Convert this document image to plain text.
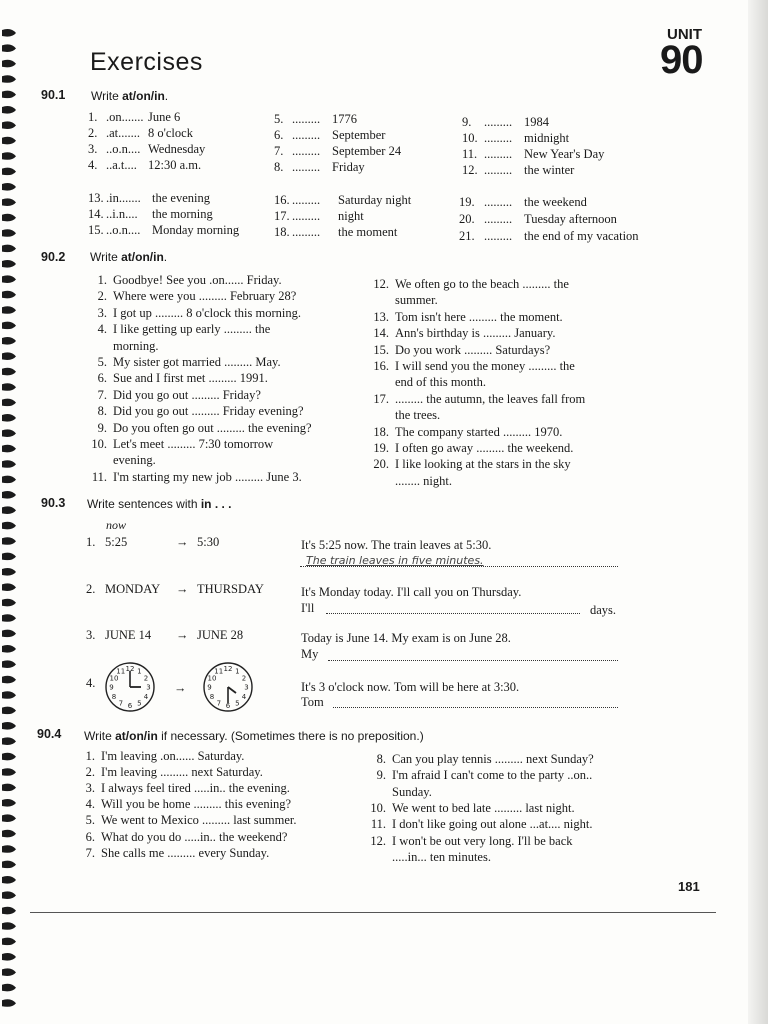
Exercises
UNIT
90
90.1 Write at/on/in.
1. .on....... June 6
2. .at....... 8 o'clock
3. ..o.n.... Wednesday
4. ..a.t.... 12:30 a.m.
5. ......... 1776
6. ......... September
7. ......... September 24
8. ......... Friday
9. ......... 1984
10. ......... midnight
11. ......... New Year's Day
12. ......... the winter
13. .in....... the evening
14. ..i.n.... the morning
15. ..o.n.... Monday morning
16. ......... Saturday night
17. ......... night
18. ......... the moment
19. ......... the weekend
20. ......... Tuesday afternoon
21. ......... the end of my vacation
90.2 Write at/on/in.
1. Goodbye! See you .on...... Friday.
2. Where were you ......... February 28?
3. I got up ......... 8 o'clock this morning.
4. I like getting up early ......... the
morning.
5. My sister got married ......... May.
6. Sue and I first met ......... 1991.
7. Did you go out ......... Friday?
8. Did you go out ......... Friday evening?
9. Do you often go out ......... the evening?
10. Let's meet ......... 7:30 tomorrow
evening.
11. I'm starting my new job ......... June 3.
12. We often go to the beach ......... the
summer.
13. Tom isn't here ......... the moment.
14. Ann's birthday is ......... January.
15. Do you work ......... Saturdays?
16. I will send you the money ......... the
end of this month.
17. ......... the autumn, the leaves fall from
the trees.
18. The company started ......... 1970.
19. I often go away ......... the weekend.
20. I like looking at the stars in the sky
........ night.
90.3 Write sentences with in . . .
now
1. 5:25	→ 5:30	It's 5:25 now. The train leaves at 5:30.
The train leaves in five minutes.
2. MONDAY → THURSDAY	It's Monday today. I'll call you on Thursday.
I'll	days.
3. JUNE 14 → JUNE 28	Today is June 14. My exam is on June 28.
My
4.
12 1
2
3
4
5
6
7
8
9
10
11
→
12 1
2
3
4
5
6
7
8
9
10
11
It's 3 o'clock now. Tom will be here at 3:30.
Tom
90.4 Write at/on/in if necessary. (Sometimes there is no preposition.)
1. I'm leaving .on...... Saturday.
2. I'm leaving ......... next Saturday.
3. I always feel tired .....in.. the evening.
4. Will you be home ......... this evening?
5. We went to Mexico ......... last summer.
6. What do you do .....in.. the weekend?
7. She calls me ......... every Sunday.
8. Can you play tennis ......... next Sunday?
9. I'm afraid I can't come to the party ..on..
Sunday.
10. We went to bed late ......... last night.
11. I don't like going out alone ...at.... night.
12. I won't be out very long. I'll be back
.....in... ten minutes.
181
